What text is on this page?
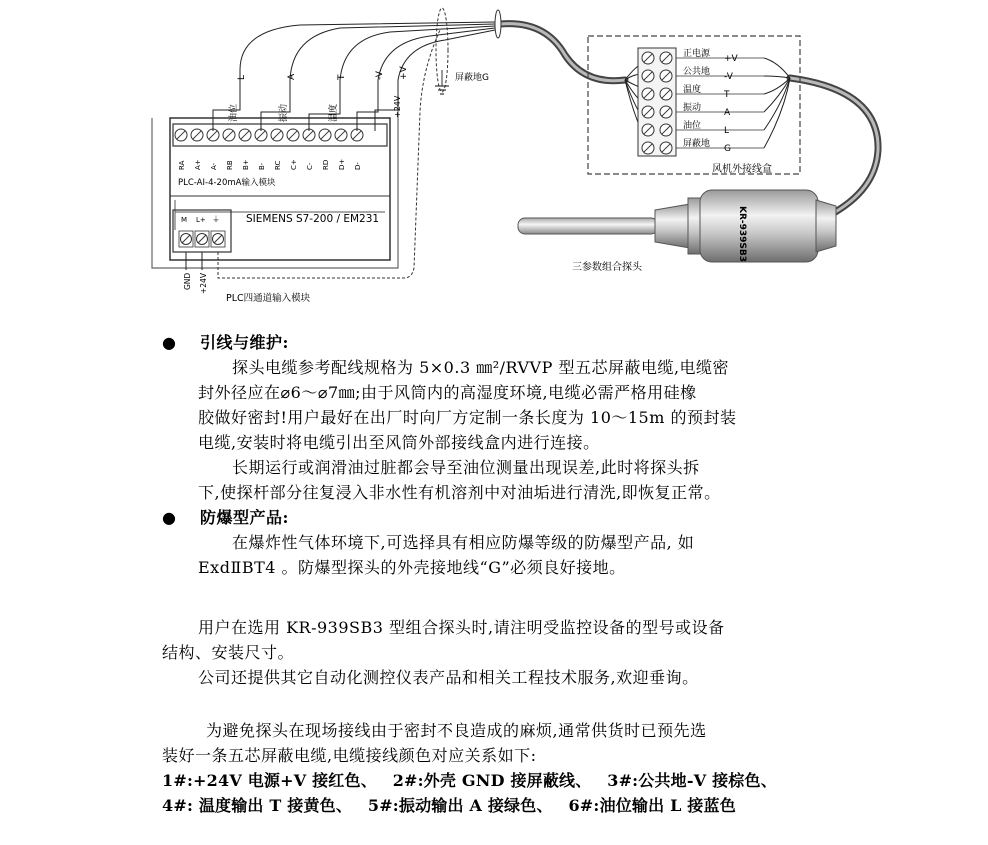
RA A+ A- RB B+ B- RC C+ C- RD D+ D-
PLC-AI-4-20mA输入模块
SIEMENS S7-200 / EM231
M L+ ⏚
GND +24V
PLC四通道输入模块
油位
L
振动
A
温度
T	-V
+24V
+V	屏蔽地G
正电源 +V
公共地 -V
温度	T
振动	A
油位	L
屏蔽地 G
风机外接线盒
KR-939SB3
三参数组合探头
● 引线与维护:

探头电缆参考配线规格为 5×0.3 ㎜²/RVVP 型五芯屏蔽电缆,电缆密

封外径应在⌀6～⌀7㎜;由于风筒内的高湿度环境,电缆必需严格用硅橡

胶做好密封!用户最好在出厂时向厂方定制一条长度为 10～15m 的预封装

电缆,安装时将电缆引出至风筒外部接线盒内进行连接。

长期运行或润滑油过脏都会导至油位测量出现误差,此时将探头拆

下,使探杆部分往复浸入非水性有机溶剂中对油垢进行清洗,即恢复正常。

● 防爆型产品:

在爆炸性气体环境下,可选择具有相应防爆等级的防爆型产品, 如

ExdⅡBT4 。防爆型探头的外壳接地线“G”必须良好接地。

用户在选用 KR-939SB3 型组合探头时,请注明受监控设备的型号或设备

结构、安装尺寸。

公司还提供其它自动化测控仪表产品和相关工程技术服务,欢迎垂询。

为避免探头在现场接线由于密封不良造成的麻烦,通常供货时已预先选

装好一条五芯屏蔽电缆,电缆接线颜色对应关系如下:

1#:+24V 电源+V 接红色、 2#:外壳 GND 接屏蔽线、 3#:公共地-V 接棕色、
4#: 温度输出 T 接黄色、 5#:振动输出 A 接绿色、 6#:油位输出 L 接蓝色
